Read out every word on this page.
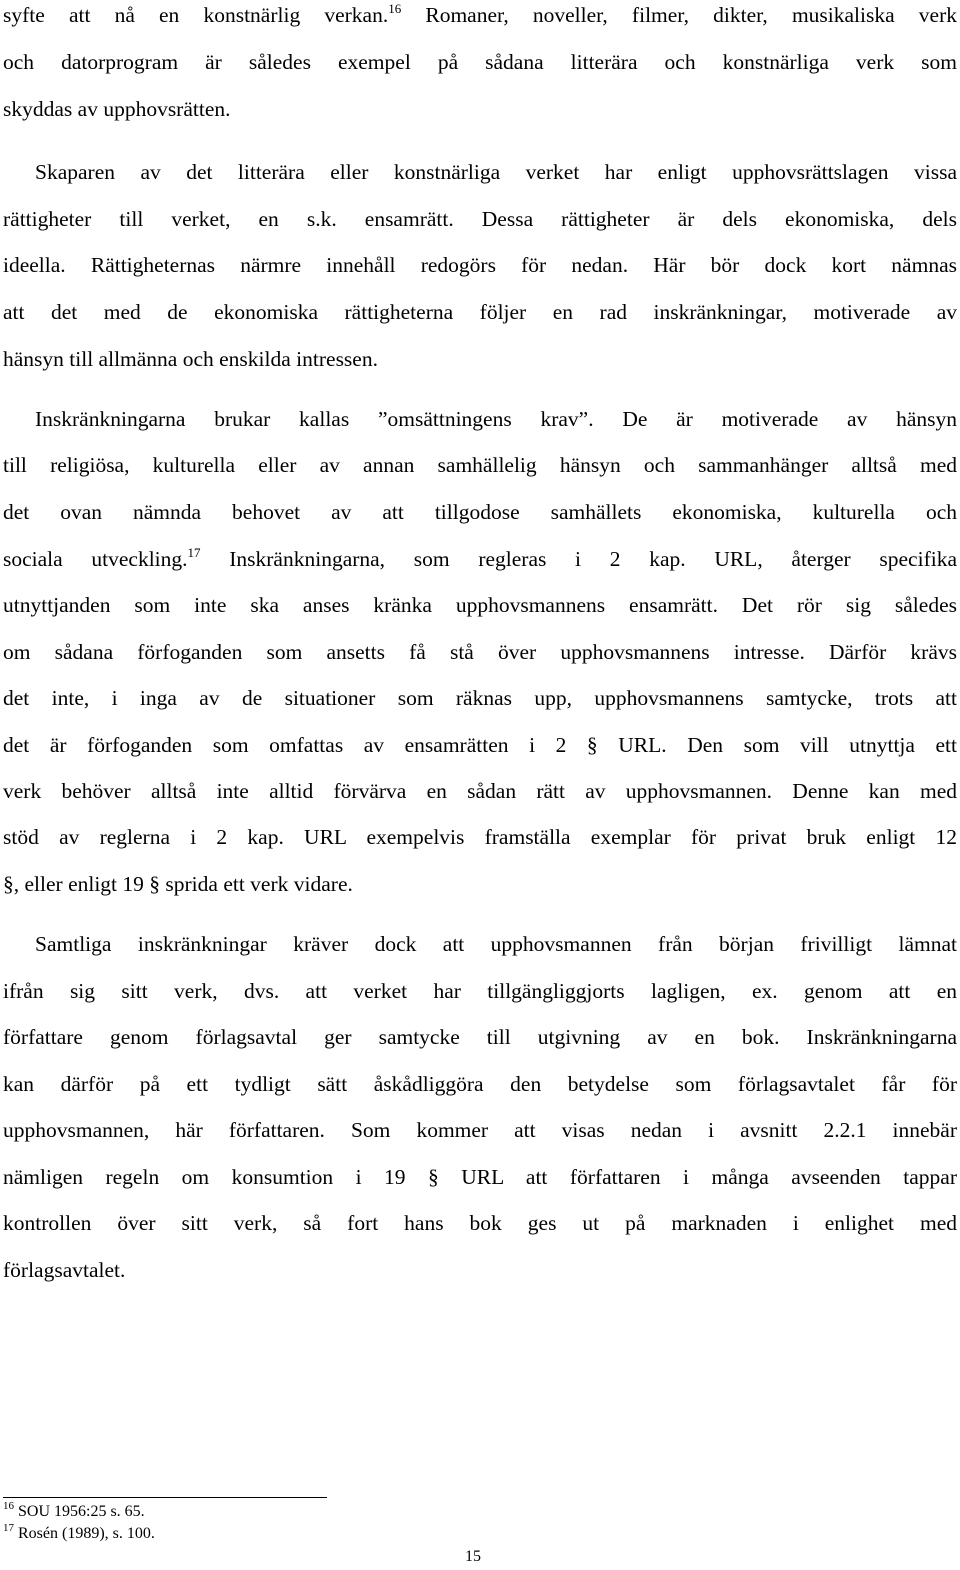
syfte att nå en konstnärlig verkan.$^{16}$ Romaner, noveller, filmer, dikter, musikaliska verk
och datorprogram är således exempel på sådana litterära och konstnärliga verk som
skyddas av upphovsrätten.
Skaparen av det litterära eller konstnärliga verket har enligt upphovsrättslagen vissa
rättigheter till verket, en s.k. ensamrätt. Dessa rättigheter är dels ekonomiska, dels
ideella. Rättigheternas närmre innehåll redogörs för nedan. Här bör dock kort nämnas
att det med de ekonomiska rättigheterna följer en rad inskränkningar, motiverade av
hänsyn till allmänna och enskilda intressen.
Inskränkningarna brukar kallas ”omsättningens krav”. De är motiverade av hänsyn
till religiösa, kulturella eller av annan samhällelig hänsyn och sammanhänger alltså med
det ovan nämnda behovet av att tillgodose samhällets ekonomiska, kulturella och
sociala utveckling.$^{17}$ Inskränkningarna, som regleras i 2 kap. URL, återger specifika
utnyttjanden som inte ska anses kränka upphovsmannens ensamrätt. Det rör sig således
om sådana förfoganden som ansetts få stå över upphovsmannens intresse. Därför krävs
det inte, i inga av de situationer som räknas upp, upphovsmannens samtycke, trots att
det är förfoganden som omfattas av ensamrätten i 2 § URL. Den som vill utnyttja ett
verk behöver alltså inte alltid förvärva en sådan rätt av upphovsmannen. Denne kan med
stöd av reglerna i 2 kap. URL exempelvis framställa exemplar för privat bruk enligt 12
§, eller enligt 19 § sprida ett verk vidare.
Samtliga inskränkningar kräver dock att upphovsmannen från början frivilligt lämnat
ifrån sig sitt verk, dvs. att verket har tillgängliggjorts lagligen, ex. genom att en
författare genom förlagsavtal ger samtycke till utgivning av en bok. Inskränkningarna
kan därför på ett tydligt sätt åskådliggöra den betydelse som förlagsavtalet får för
upphovsmannen, här författaren. Som kommer att visas nedan i avsnitt 2.2.1 innebär
nämligen regeln om konsumtion i 19 § URL att författaren i många avseenden tappar
kontrollen över sitt verk, så fort hans bok ges ut på marknaden i enlighet med
förlagsavtalet.
15
$^{16}$ SOU 1956:25 s. 65.
$^{17}$ Rosén (1989), s. 100.
